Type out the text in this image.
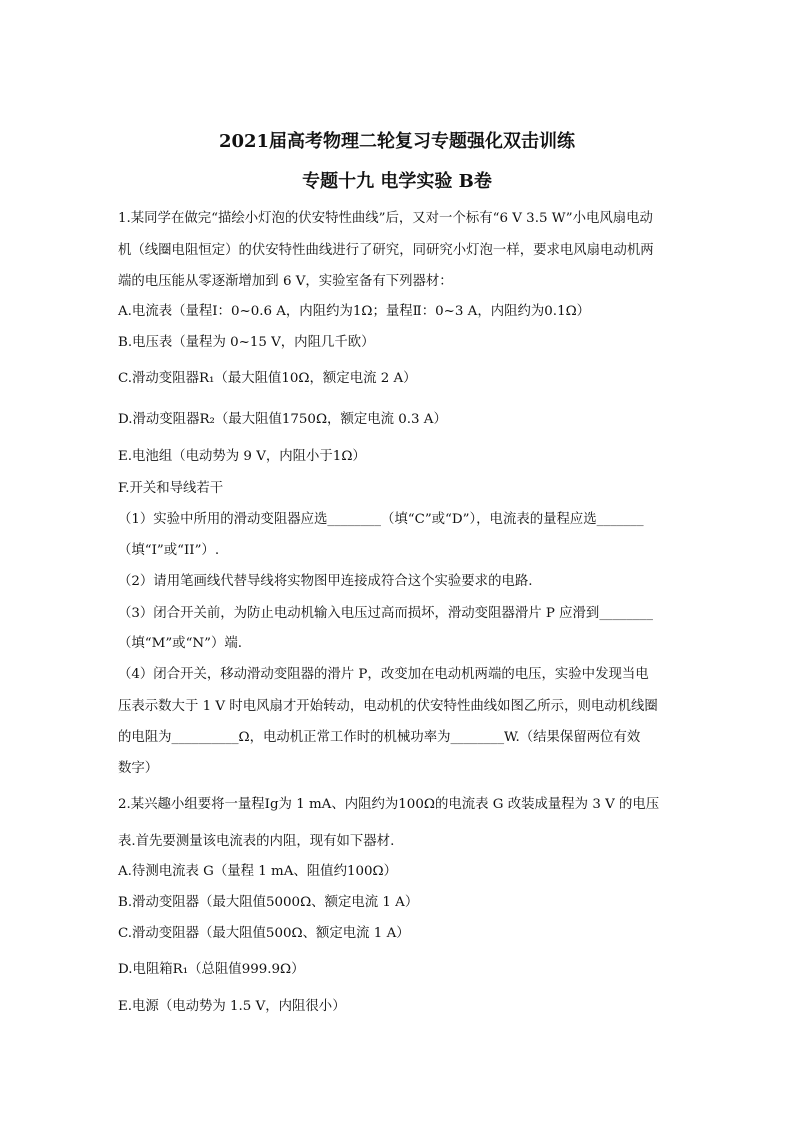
2021届高考物理二轮复习专题强化双击训练
专题十九 电学实验 B卷
1.某同学在做完“描绘小灯泡的伏安特性曲线”后，又对一个标有“6 V 3.5 W”小电风扇电动
机（线圈电阻恒定）的伏安特性曲线进行了研究，同研究小灯泡一样，要求电风扇电动机两
端的电压能从零逐渐增加到 6 V，实验室备有下列器材：
A.电流表（量程Ⅰ：0~0.6 A，内阻约为1Ω；量程Ⅱ：0~3 A，内阻约为0.1Ω）
B.电压表（量程为 0~15 V，内阻几千欧）
C.滑动变阻器R₁（最大阻值10Ω，额定电流 2 A）
D.滑动变阻器R₂（最大阻值1750Ω，额定电流 0.3 A）
E.电池组（电动势为 9 V，内阻小于1Ω）
F.开关和导线若干
（1）实验中所用的滑动变阻器应选________（填“C”或“D”），电流表的量程应选_______
（填“I”或“II”）.
（2）请用笔画线代替导线将实物图甲连接成符合这个实验要求的电路.
（3）闭合开关前，为防止电动机输入电压过高而损坏，滑动变阻器滑片 P 应滑到________
（填“M”或“N”）端.
（4）闭合开关，移动滑动变阻器的滑片 P，改变加在电动机两端的电压，实验中发现当电
压表示数大于 1 V 时电风扇才开始转动，电动机的伏安特性曲线如图乙所示，则电动机线圈
的电阻为__________Ω，电动机正常工作时的机械功率为________W.（结果保留两位有效
数字）
2.某兴趣小组要将一量程Ig为 1 mA、内阻约为100Ω的电流表 G 改装成量程为 3 V 的电压
表.首先要测量该电流表的内阻，现有如下器材.
A.待测电流表 G（量程 1 mA、阻值约100Ω）
B.滑动变阻器（最大阻值5000Ω、额定电流 1 A）
C.滑动变阻器（最大阻值500Ω、额定电流 1 A）
D.电阻箱R₁（总阻值999.9Ω）
E.电源（电动势为 1.5 V，内阻很小）
